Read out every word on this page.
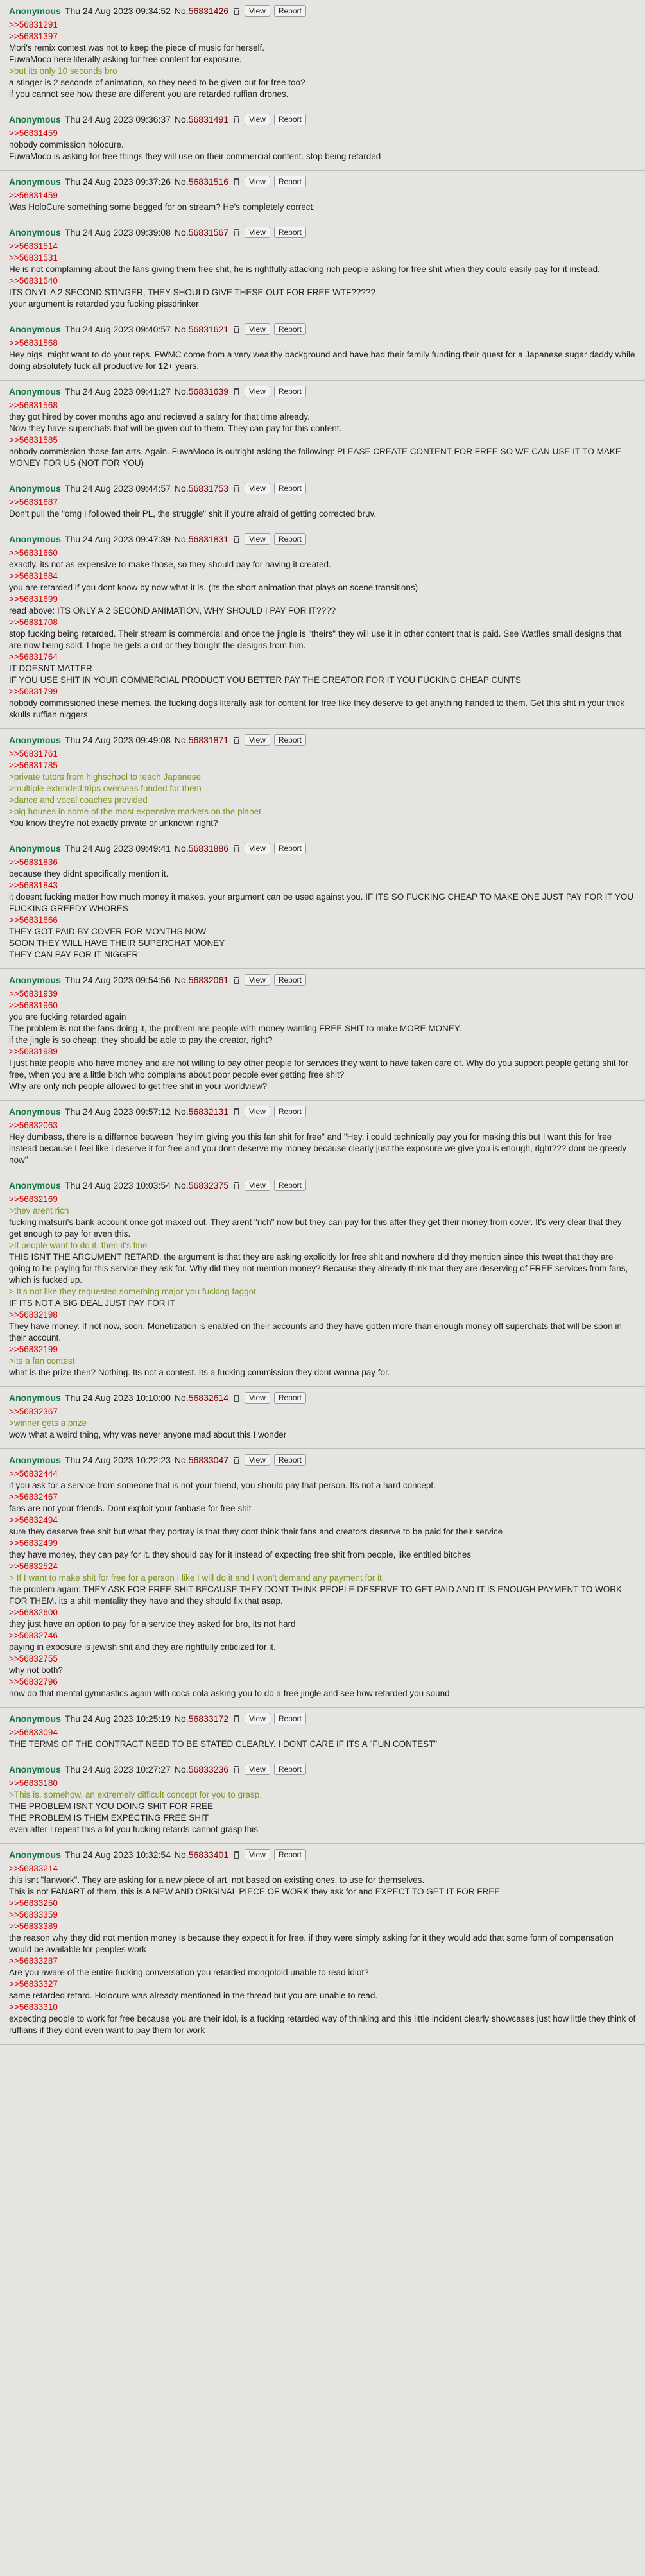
Anonymous Thu 24 Aug 2023 09:34:52 No.56831426	View	Report
>>56831291
>>56831397
Mori's remix contest was not to keep the piece of music for herself.
FuwaMoco here literally asking for free content for exposure.
>but its only 10 seconds bro
a stinger is 2 seconds of animation, so they need to be given out for free too?
if you cannot see how these are different you are retarded ruffian drones.
Anonymous Thu 24 Aug 2023 09:36:37 No.56831491	View	Report
>>56831459
nobody commission holocure.
FuwaMoco is asking for free things they will use on their commercial content. stop being retarded
Anonymous Thu 24 Aug 2023 09:37:26 No.56831516	View	Report
>>56831459
Was HoloCure something some begged for on stream? He's completely correct.
Anonymous Thu 24 Aug 2023 09:39:08 No.56831567	View	Report
>>56831514
>>56831531
He is not complaining about the fans giving them free shit, he is rightfully attacking rich people asking for free shit when they could easily pay for it instead.
>>56831540
ITS ONYL A 2 SECOND STINGER, THEY SHOULD GIVE THESE OUT FOR FREE WTF?????
your argument is retarded you fucking pissdrinker
Anonymous Thu 24 Aug 2023 09:40:57 No.56831621	View	Report
>>56831568
Hey nigs, might want to do your reps. FWMC come from a very wealthy background and have had their family funding their quest for a Japanese sugar daddy while doing absolutely fuck all productive for 12+ years.
Anonymous Thu 24 Aug 2023 09:41:27 No.56831639	View	Report
>>56831568
they got hired by cover months ago and recieved a salary for that time already.
Now they have superchats that will be given out to them. They can pay for this content.
>>56831585
nobody commission those fan arts. Again. FuwaMoco is outright asking the following: PLEASE CREATE CONTENT FOR FREE SO WE CAN USE IT TO MAKE MONEY FOR US (NOT FOR YOU)
Anonymous Thu 24 Aug 2023 09:44:57 No.56831753	View	Report
>>56831687
Don't pull the "omg I followed their PL, the struggle" shit if you're afraid of getting corrected bruv.
Anonymous Thu 24 Aug 2023 09:47:39 No.56831831	View	Report
>>56831660
exactly. its not as expensive to make those, so they should pay for having it created.
>>56831684
you are retarded if you dont know by now what it is. (its the short animation that plays on scene transitions)
>>56831699
read above: ITS ONLY A 2 SECOND ANIMATION, WHY SHOULD I PAY FOR IT????
>>56831708
stop fucking being retarded. Their stream is commercial and once the jingle is "theirs" they will use it in other content that is paid. See Watfles small designs that are now being sold. I hope he gets a cut or they bought the designs from him.
>>56831764
IT DOESNT MATTER
IF YOU USE SHIT IN YOUR COMMERCIAL PRODUCT YOU BETTER PAY THE CREATOR FOR IT YOU FUCKING CHEAP CUNTS
>>56831799
nobody commissioned these memes. the fucking dogs literally ask for content for free like they deserve to get anything handed to them. Get this shit in your thick skulls ruffian niggers.
Anonymous Thu 24 Aug 2023 09:49:08 No.56831871	View	Report
>>56831761
>>56831785
>private tutors from highschool to teach Japanese
>multiple extended trips overseas funded for them
>dance and vocal coaches provided
>big houses in some of the most expensive markets on the planet
You know they're not exactly private or unknown right?
Anonymous Thu 24 Aug 2023 09:49:41 No.56831886	View	Report
>>56831836
because they didnt specifically mention it.
>>56831843
it doesnt fucking matter how much money it makes. your argument can be used against you. IF ITS SO FUCKING CHEAP TO MAKE ONE JUST PAY FOR IT YOU FUCKING GREEDY WHORES
>>56831866
THEY GOT PAID BY COVER FOR MONTHS NOW
SOON THEY WILL HAVE THEIR SUPERCHAT MONEY
THEY CAN PAY FOR IT NIGGER
Anonymous Thu 24 Aug 2023 09:54:56 No.56832061	View	Report
>>56831939
>>56831960
you are fucking retarded again
The problem is not the fans doing it, the problem are people with money wanting FREE SHIT to make MORE MONEY.
if the jingle is so cheap, they should be able to pay the creator, right?
>>56831989
I just hate people who have money and are not willing to pay other people for services they want to have taken care of. Why do you support people getting shit for free, when you are a little bitch who complains about poor people ever getting free shit?
Why are only rich people allowed to get free shit in your worldview?
Anonymous Thu 24 Aug 2023 09:57:12 No.56832131	View	Report
>>56832063
Hey dumbass, there is a differnce between "hey im giving you this fan shit for free" and "Hey, i could technically pay you for making this but I want this for free instead because I feel like i deserve it for free and you dont deserve my money because clearly just the exposure we give you is enough, right??? dont be greedy now"
Anonymous Thu 24 Aug 2023 10:03:54 No.56832375	View	Report
>>56832169
>they arent rich
fucking matsuri's bank account once got maxed out. They arent "rich" now but they can pay for this after they get their money from cover. It's very clear that they get enough to pay for even this.
>If people want to do it, then it's fine
THIS ISNT THE ARGUMENT RETARD. the argument is that they are asking explicitly for free shit and nowhere did they mention since this tweet that they are going to be paying for this service they ask for. Why did they not mention money? Because they already think that they are deserving of FREE services from fans, which is fucked up.
> It's not like they requested something major you fucking faggot
IF ITS NOT A BIG DEAL JUST PAY FOR IT
>>56832198
They have money. If not now, soon. Monetization is enabled on their accounts and they have gotten more than enough money off superchats that will be soon in their account.
>>56832199
>its a fan contest
what is the prize then? Nothing. Its not a contest. Its a fucking commission they dont wanna pay for.
Anonymous Thu 24 Aug 2023 10:10:00 No.56832614	View	Report
>>56832367
>winner gets a prize
wow what a weird thing, why was never anyone mad about this I wonder
Anonymous Thu 24 Aug 2023 10:22:23 No.56833047	View	Report
>>56832444
if you ask for a service from someone that is not your friend, you should pay that person. Its not a hard concept.
>>56832467
fans are not your friends. Dont exploit your fanbase for free shit
>>56832494
sure they deserve free shit but what they portray is that they dont think their fans and creators deserve to be paid for their service
>>56832499
they have money, they can pay for it. they should pay for it instead of expecting free shit from people, like entitled bitches
>>56832524
> If I want to make shit for free for a person I like I will do it and I won't demand any payment for it.
the problem again: THEY ASK FOR FREE SHIT BECAUSE THEY DONT THINK PEOPLE DESERVE TO GET PAID AND IT IS ENOUGH PAYMENT TO WORK FOR THEM. its a shit mentality they have and they should fix that asap.
>>56832600
they just have an option to pay for a service they asked for bro, its not hard
>>56832746
paying in exposure is jewish shit and they are rightfully criticized for it.
>>56832755
why not both?
>>56832796
now do that mental gymnastics again with coca cola asking you to do a free jingle and see how retarded you sound
Anonymous Thu 24 Aug 2023 10:25:19 No.56833172	View	Report
>>56833094
THE TERMS OF THE CONTRACT NEED TO BE STATED CLEARLY. I DONT CARE IF ITS A "FUN CONTEST"
Anonymous Thu 24 Aug 2023 10:27:27 No.56833236	View	Report
>>56833180
>This is, somehow, an extremely difficult concept for you to grasp.
THE PROBLEM ISNT YOU DOING SHIT FOR FREE
THE PROBLEM IS THEM EXPECTING FREE SHIT
even after I repeat this a lot you fucking retards cannot grasp this
Anonymous Thu 24 Aug 2023 10:32:54 No.56833401	View	Report
>>56833214
this isnt "fanwork". They are asking for a new piece of art, not based on existing ones, to use for themselves.
This is not FANART of them, this is A NEW AND ORIGINAL PIECE OF WORK they ask for and EXPECT TO GET IT FOR FREE
>>56833250
>>56833359
>>56833389
the reason why they did not mention money is because they expect it for free. if they were simply asking for it they would add that some form of compensation would be available for peoples work
>>56833287
Are you aware of the entire fucking conversation you retarded mongoloid unable to read idiot?
>>56833327
same retarded retard. Holocure was already mentioned in the thread but you are unable to read.
>>56833310
expecting people to work for free because you are their idol, is a fucking retarded way of thinking and this little incident clearly showcases just how little they think of ruffians if they dont even want to pay them for work
